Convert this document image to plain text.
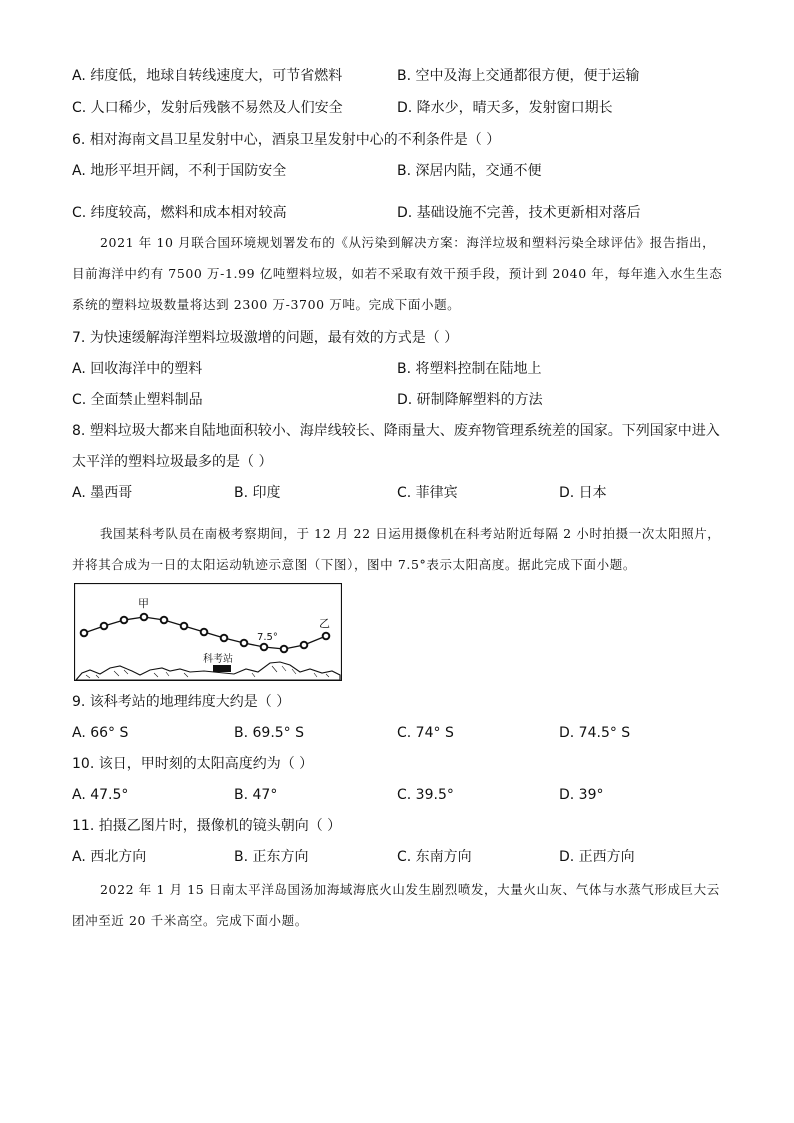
A. 纬度低，地球自转线速度大，可节省燃料	B. 空中及海上交通都很方便，便于运输
C. 人口稀少，发射后残骸不易然及人们安全	D. 降水少，晴天多，发射窗口期长
6. 相对海南文昌卫星发射中心，酒泉卫星发射中心的不利条件是（ ）
A. 地形平坦开阔，不利于国防安全	B. 深居内陆，交通不便
C. 纬度较高，燃料和成本相对较高	D. 基础设施不完善，技术更新相对落后
2021 年 10 月联合国环境规划署发布的《从污染到解决方案：海洋垃圾和塑料污染全球评估》报告指出，目前海洋中约有 7500 万-1.99 亿吨塑料垃圾，如若不采取有效干预手段，预计到 2040 年，每年進入水生生态系统的塑料垃圾数量将达到 2300 万-3700 万吨。完成下面小题。
7. 为快速缓解海洋塑料垃圾激增的问题，最有效的方式是（ ）
A. 回收海洋中的塑料	B. 将塑料控制在陆地上
C. 全面禁止塑料制品	D. 研制降解塑料的方法
8. 塑料垃圾大都来自陆地面积较小、海岸线较长、降雨量大、废弃物管理系统差的国家。下列国家中进入
太平洋的塑料垃圾最多的是（ ）
A. 墨西哥	B. 印度	C. 菲律宾	D. 日本
我国某科考队员在南极考察期间，于 12 月 22 日运用摄像机在科考站附近每隔 2 小时拍摄一次太阳照片，并将其合成为一日的太阳运动轨迹示意图（下图），图中 7.5°表示太阳高度。据此完成下面小题。
甲
乙
7.5°
科考站
9. 该科考站的地理纬度大约是（ ）
A. 66° S	B. 69.5° S	C. 74° S	D. 74.5° S
10. 该日，甲时刻的太阳高度约为（ ）
A. 47.5°	B. 47°	C. 39.5°	D. 39°
11. 拍摄乙图片时，摄像机的镜头朝向（ ）
A. 西北方向	B. 正东方向	C. 东南方向	D. 正西方向
2022 年 1 月 15 日南太平洋岛国汤加海域海底火山发生剧烈喷发，大量火山灰、气体与水蒸气形成巨大云团冲至近 20 千米高空。完成下面小题。
